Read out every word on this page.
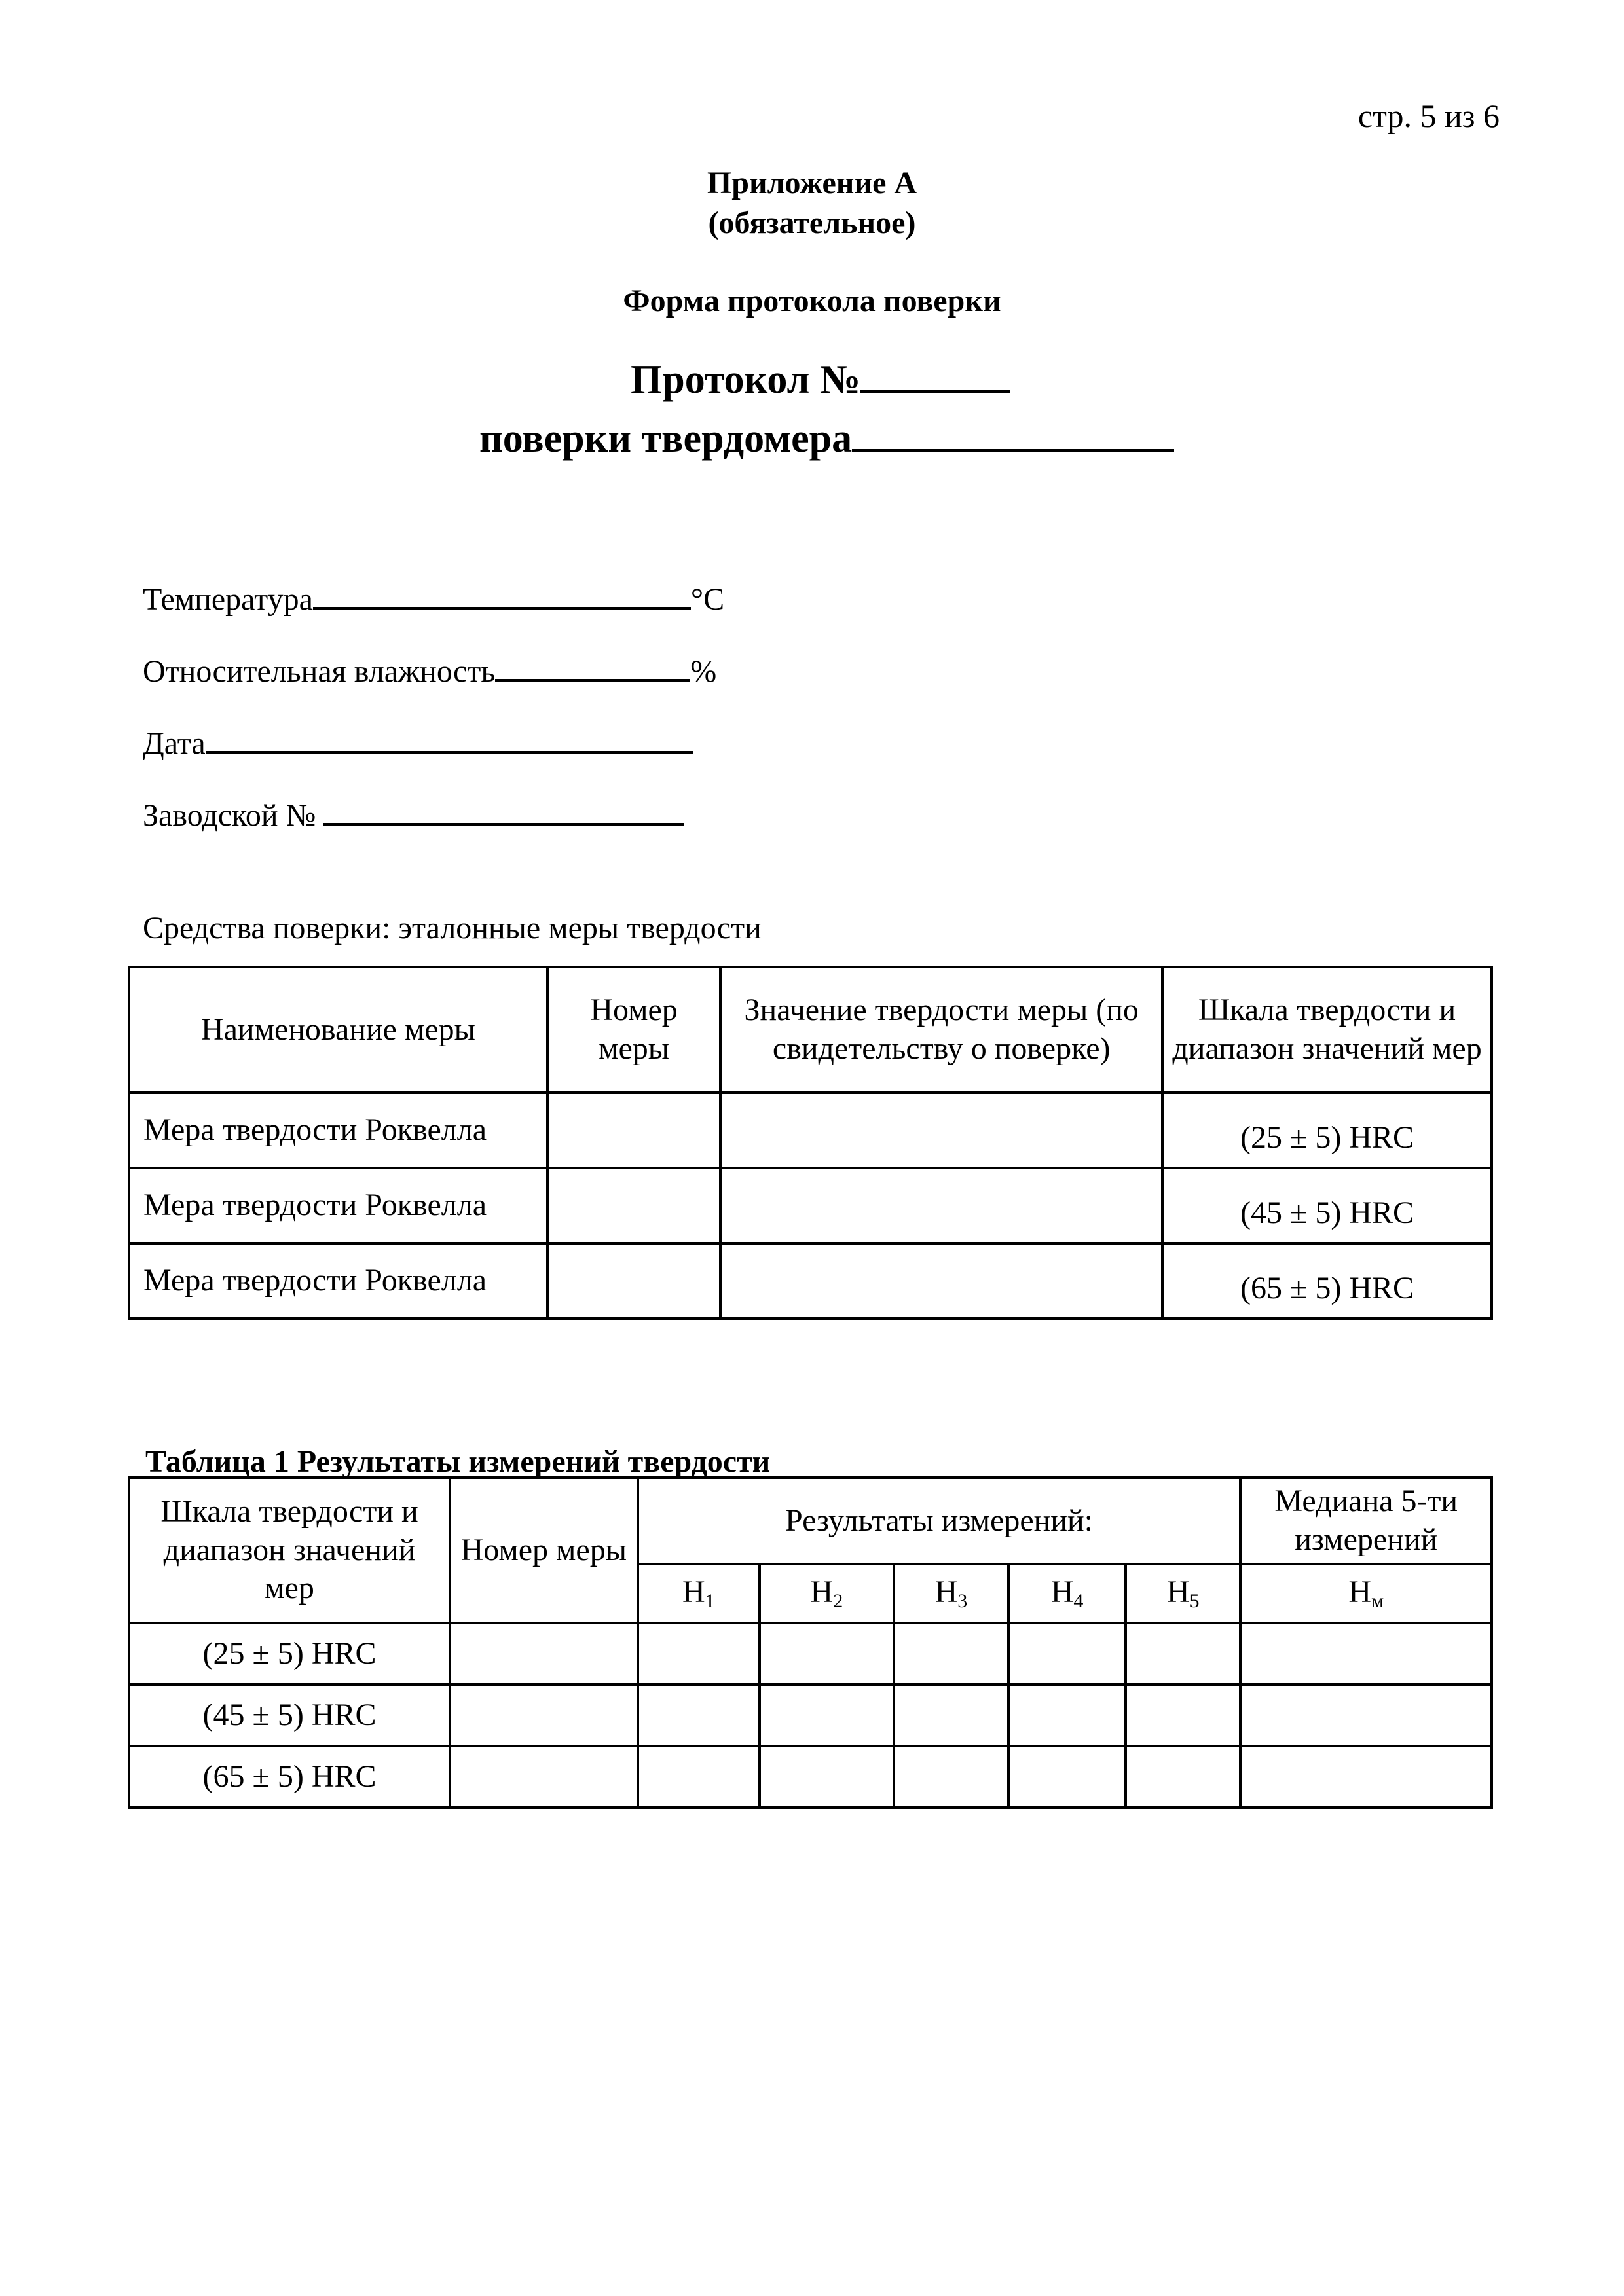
стр. 5 из 6
Приложение А
(обязательное)
Форма протокола поверки
Протокол №
поверки твердомера
Температура	°С
Относительная влажность	%
Дата
Заводской №
Средства поверки: эталонные меры твердости
Наименование меры	Номер меры	Значение твердости меры (по свидетельству о поверке)	Шкала твердости и диапазон значений мер
Мера твердости Роквелла			(25 ± 5) HRC
Мера твердости Роквелла			(45 ± 5) HRC
Мера твердости Роквелла			(65 ± 5) HRC
Таблица 1 Результаты измерений твердости
Шкала твердости и диапазон значений мер	Номер меры	Результаты измерений:					Медиана 5-ти измерений
		$H_1$	$H_2$	$H_3$	$H_4$	$H_5$	$H_м$
(25 ± 5) HRC							
(45 ± 5) HRC							
(65 ± 5) HRC							
